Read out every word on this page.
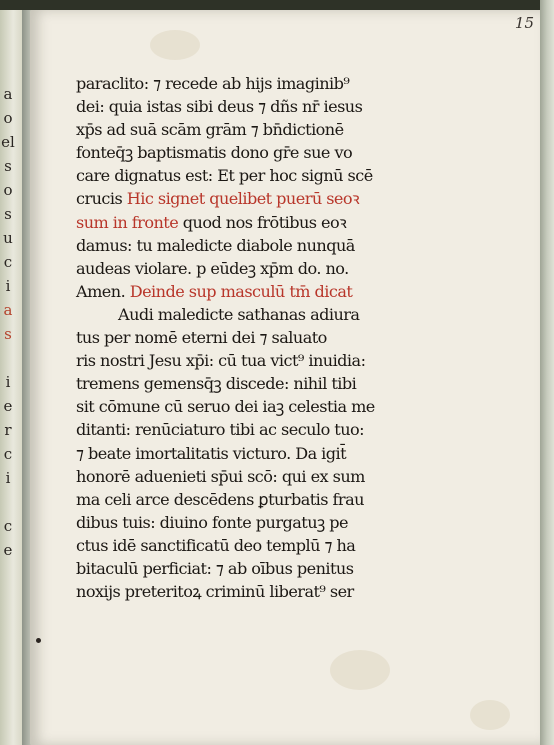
a
o
el
s
o
s
u
c
i
a
s

i
e
r
c
i

c
e
15
paraclito: ⁊ recede ab hijs imaginib⁹
dei: quia istas sibi deus ⁊ dñs nr̄ iesus
xp̄s ad suā scām grām ⁊ bn̄dictionē
fonteq̄ꝫ baptismatis dono gr̄e sue vo
care dignatus est: Et per hoc signū scē
crucis Hic signet quelibet puerū seoꝛ
sum in fronte quod nos frōtibus eoꝛ
damus: tu maledicte diabole nunquā
audeas violare. p eūdeꝫ xp̄m do. no.
Amen. Deinde sup masculū tm̄ dicat
Audi maledicte sathanas adiura
tus per nomē eterni dei ⁊ saluato
ris nostri Jesu xp̄i: cū tua vict⁹ inuidia:
tremens gemensq̄ꝫ discede: nihil tibi
sit cōmune cū seruo dei iaꝫ celestia me
ditanti: renūciaturo tibi ac seculo tuo:
⁊ beate imortalitatis victuro. Da igit̄
honorē aduenieti sp̄ui scō: qui ex sum
ma celi arce descēdens ꝑturbatis frau
dibus tuis: diuino fonte purgatuꝫ pe
ctus idē sanctificatū deo templū ⁊ ha
bitaculū perficiat: ⁊ ab oībus penitus
noxijs preteritoꝝ criminū liberat⁹ ser
